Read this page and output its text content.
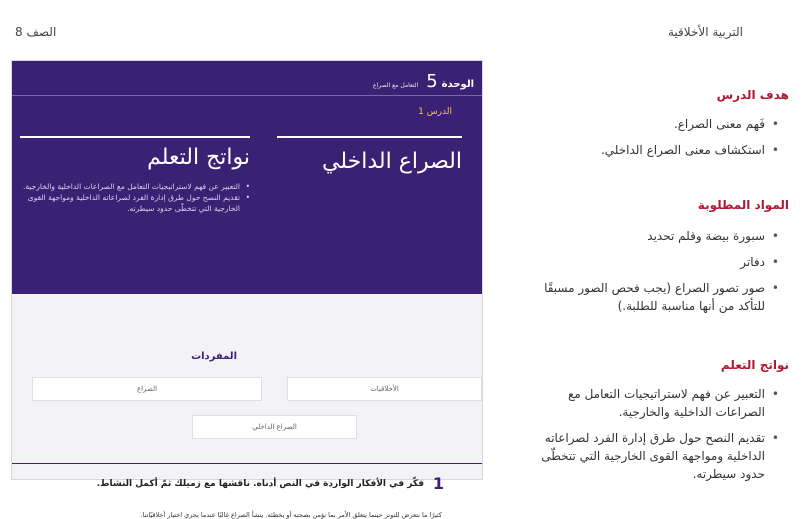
التربية الأخلاقية
الصف 8
الوحدة
5
التعامل مع الصراع
الدرس 1
الصراع الداخلي
نواتج التعلم
• التعبير عن فهم لاستراتيجيات التعامل مع الصراعات الداخلية والخارجية.
• تقديم النصح حول طرق إدارة الفرد لصراعاته الداخلية ومواجهة القوى الخارجية التي تتخطّى حدود سيطرته.
المفردات
الأخلاقيات
الصراع
الصراع الداخلي
1
فكّر في الأفكار الواردة في النص أدناه. ناقشها مع زميلك ثمّ أكمل النشاط.
كثيرًا ما نتعرض للتوتر حينما يتعلق الأمر بما نؤمن بصحته أو بخطئه. ينشأ الصراع غالبًا عندما يجري اختبار أخلاقيّاتنا.
هدف الدرس
• فَهم معنى الصراع.
• استكشاف معنى الصراع الداخلي.
المواد المطلوبة
• سبورة بيضة وقلم تحديد
• دفاتر
• صور تصور الصراع (يجب فحص الصور مسبقًا للتأكد من أنها مناسبة للطلبة.)
نواتج التعلم
• التعبير عن فهم لاستراتيجيات التعامل مع الصراعات الداخلية والخارجية.
• تقديم النصح حول طرق إدارة الفرد لصراعاته الداخلية ومواجهة القوى الخارجية التي تتخطّى حدود سيطرته.
